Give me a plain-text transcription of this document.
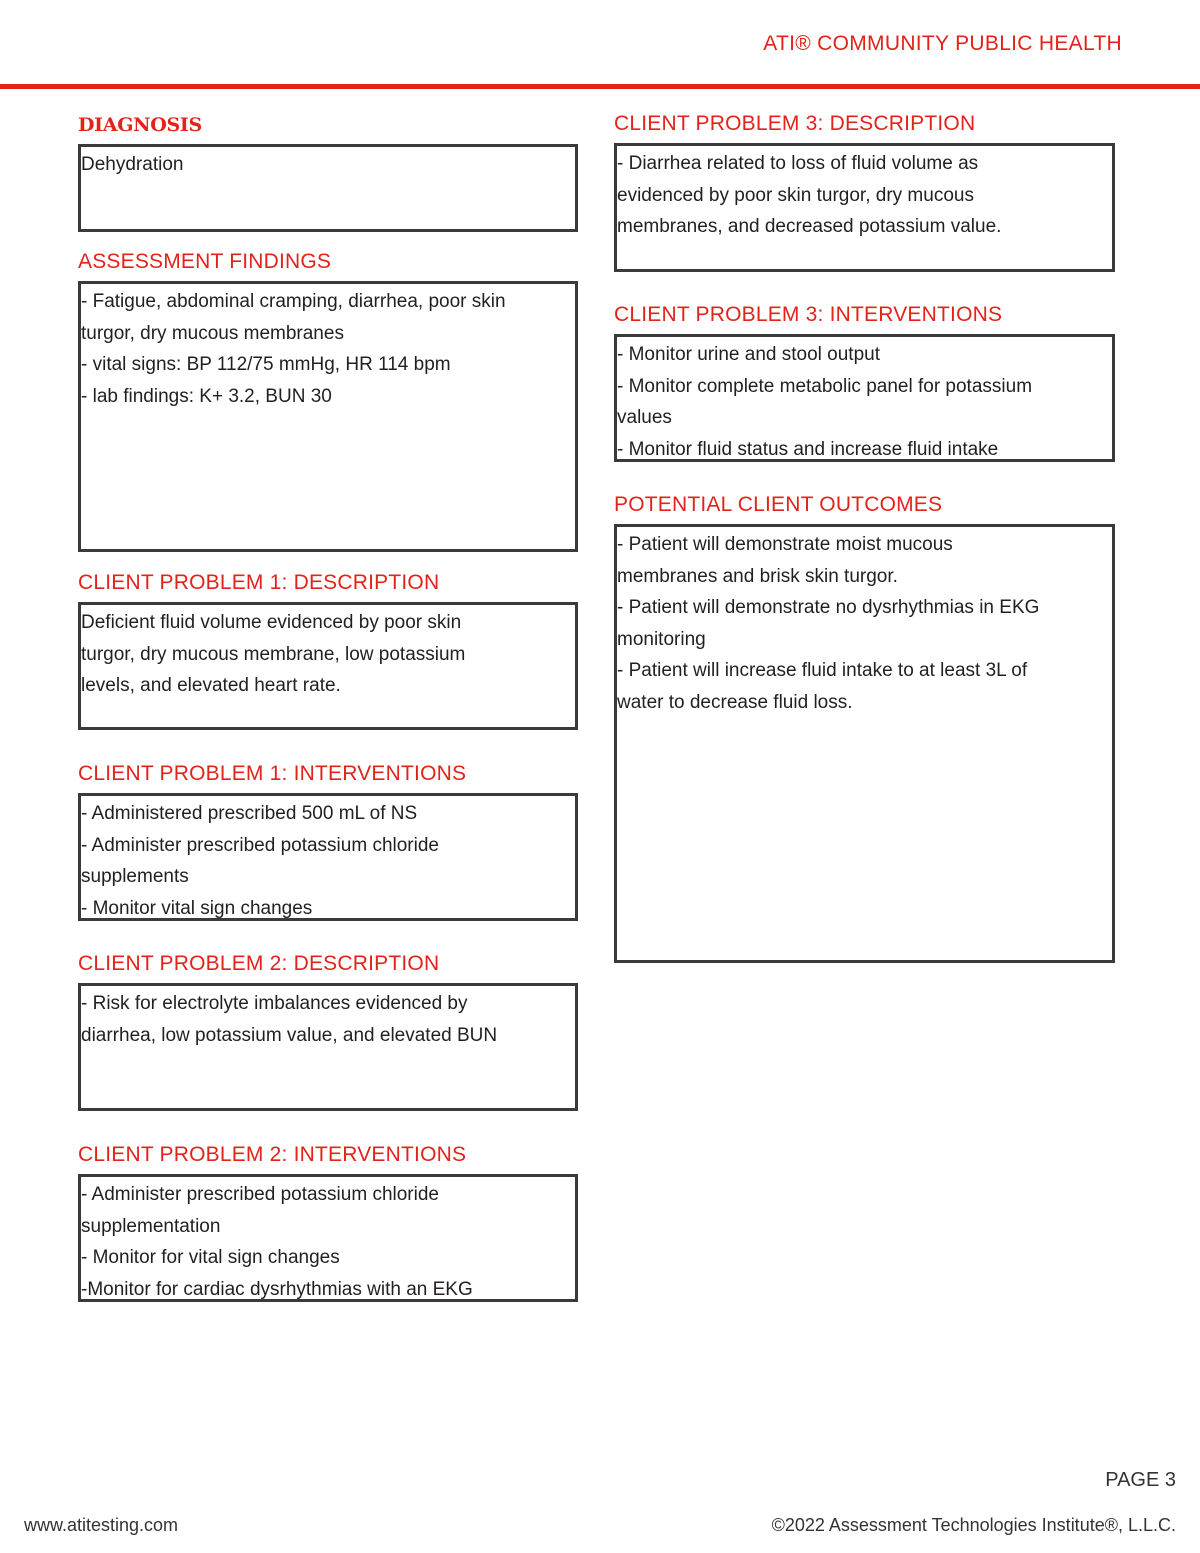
ATI® COMMUNITY PUBLIC HEALTH
DIAGNOSIS
Dehydration
ASSESSMENT FINDINGS
- Fatigue, abdominal cramping, diarrhea, poor skin
turgor, dry mucous membranes
- vital signs: BP 112/75 mmHg, HR 114 bpm
- lab findings: K+ 3.2, BUN 30
CLIENT PROBLEM 1: DESCRIPTION
Deficient fluid volume evidenced by poor skin
turgor, dry mucous membrane, low potassium
levels, and elevated heart rate.
CLIENT PROBLEM 1: INTERVENTIONS
- Administered prescribed 500 mL of NS
- Administer prescribed potassium chloride
supplements
- Monitor vital sign changes
CLIENT PROBLEM 2: DESCRIPTION
- Risk for electrolyte imbalances evidenced by
diarrhea, low potassium value, and elevated BUN
CLIENT PROBLEM 2: INTERVENTIONS
- Administer prescribed potassium chloride
supplementation
- Monitor for vital sign changes
-Monitor for cardiac dysrhythmias with an EKG
CLIENT PROBLEM 3: DESCRIPTION
- Diarrhea related to loss of fluid volume as
evidenced by poor skin turgor, dry mucous
membranes, and decreased potassium value.
CLIENT PROBLEM 3: INTERVENTIONS
- Monitor urine and stool output
- Monitor complete metabolic panel for potassium
values
- Monitor fluid status and increase fluid intake
POTENTIAL CLIENT OUTCOMES
- Patient will demonstrate moist mucous
membranes and brisk skin turgor.
- Patient will demonstrate no dysrhythmias in EKG
monitoring
- Patient will increase fluid intake to at least 3L of
water to decrease fluid loss.
PAGE 3
www.atitesting.com	©2022 Assessment Technologies Institute®, L.L.C.
